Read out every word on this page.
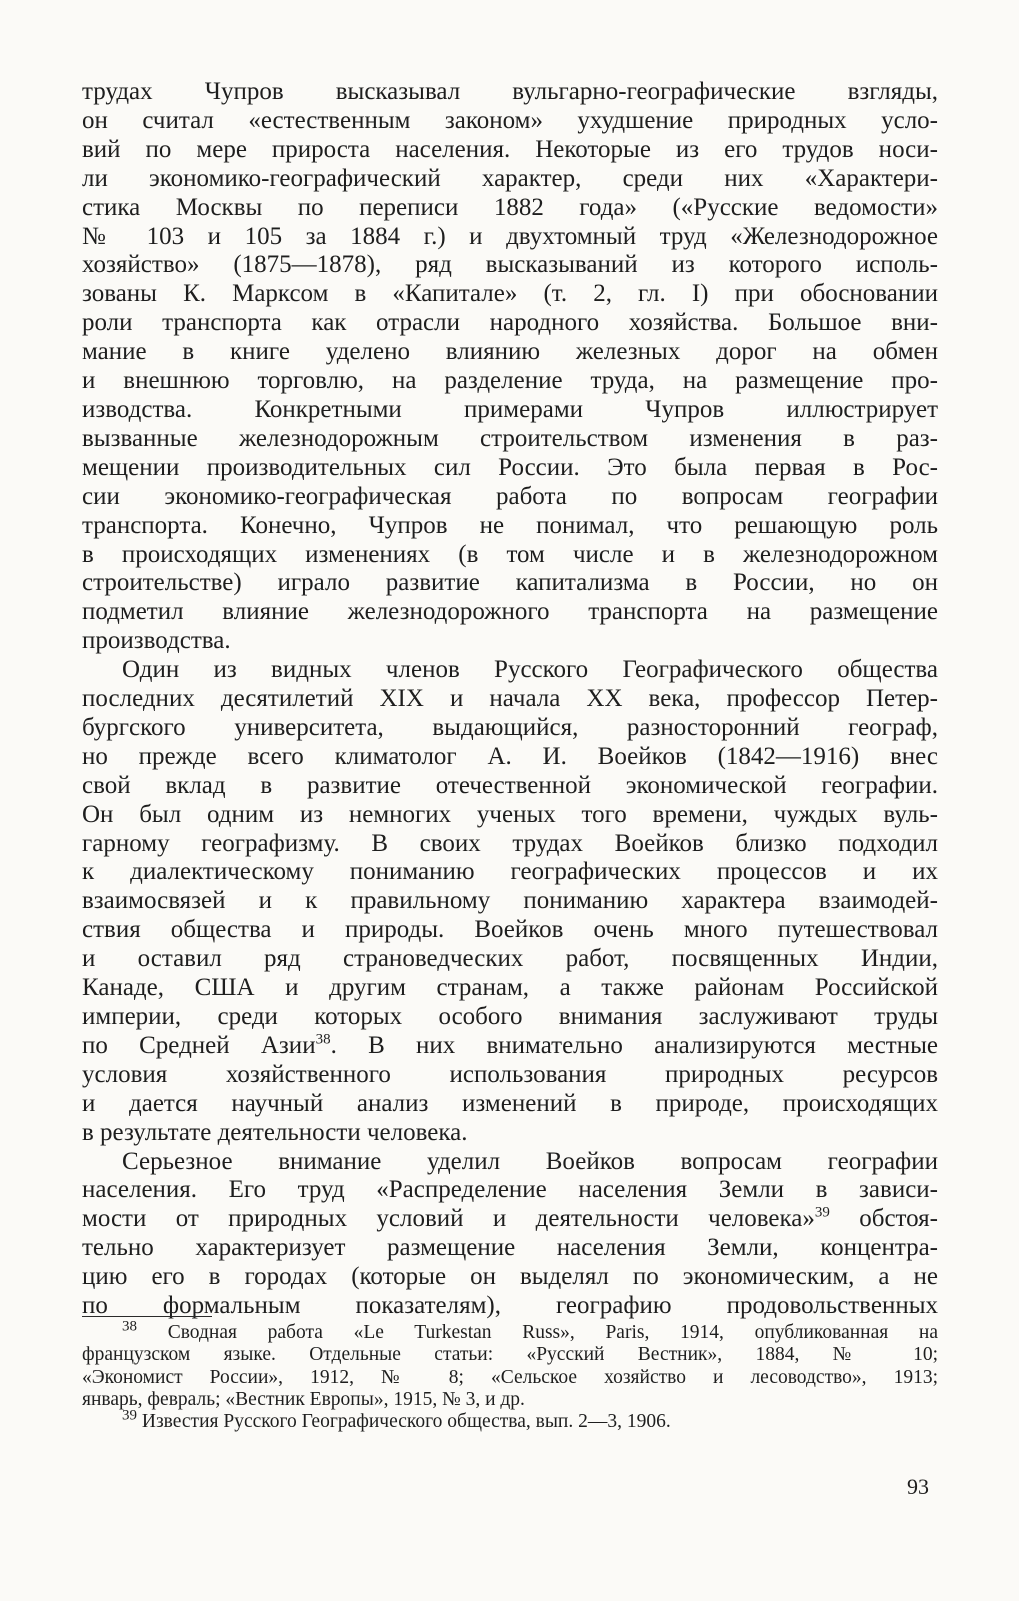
трудах Чупров высказывал вульгарно-географические взгляды,

он считал «естественным законом» ухудшение природных усло-

вий по мере прироста населения. Некоторые из его трудов носи-

ли экономико-географический характер, среди них «Характери-

стика Москвы по переписи 1882 года» («Русские ведомости»

№ 103 и 105 за 1884 г.) и двухтомный труд «Железнодорожное

хозяйство» (1875—1878), ряд высказываний из которого исполь-

зованы К. Марксом в «Капитале» (т. 2, гл. I) при обосновании

роли транспорта как отрасли народного хозяйства. Большое вни-

мание в книге уделено влиянию железных дорог на обмен

и внешнюю торговлю, на разделение труда, на размещение про-

изводства. Конкретными примерами Чупров иллюстрирует

вызванные железнодорожным строительством изменения в раз-

мещении производительных сил России. Это была первая в Рос-

сии экономико-географическая работа по вопросам географии

транспорта. Конечно, Чупров не понимал, что решающую роль

в происходящих изменениях (в том числе и в железнодорожном

строительстве) играло развитие капитализма в России, но он

подметил влияние железнодорожного транспорта на размещение

производства.

Один из видных членов Русского Географического общества

последних десятилетий XIX и начала XX века, профессор Петер-

бургского университета, выдающийся, разносторонний географ,

но прежде всего климатолог А. И. Воейков (1842—1916) внес

свой вклад в развитие отечественной экономической географии.

Он был одним из немногих ученых того времени, чуждых вуль-

гарному географизму. В своих трудах Воейков близко подходил

к диалектическому пониманию географических процессов и их

взаимосвязей и к правильному пониманию характера взаимодей-

ствия общества и природы. Воейков очень много путешествовал

и оставил ряд страноведческих работ, посвященных Индии,

Канаде, США и другим странам, а также районам Российской

империи, среди которых особого внимания заслуживают труды

по Средней Азии$^{38}$. В них внимательно анализируются местные

условия хозяйственного использования природных ресурсов

и дается научный анализ изменений в природе, происходящих

в результате деятельности человека.

Серьезное внимание уделил Воейков вопросам географии

населения. Его труд «Распределение населения Земли в зависи-

мости от природных условий и деятельности человека»$^{39}$ обстоя-

тельно характеризует размещение населения Земли, концентра-

цию его в городах (которые он выделял по экономическим, а не

по формальным показателям), географию продовольственных

$^{38}$ Сводная работа «Le Turkestan Russ», Paris, 1914, опубликованная на

французском языке. Отдельные статьи: «Русский Вестник», 1884, № 10;

«Экономист России», 1912, № 8; «Сельское хозяйство и лесоводство», 1913;

январь, февраль; «Вестник Европы», 1915, № 3, и др.

$^{39}$ Известия Русского Географического общества, вып. 2—3, 1906.

93
